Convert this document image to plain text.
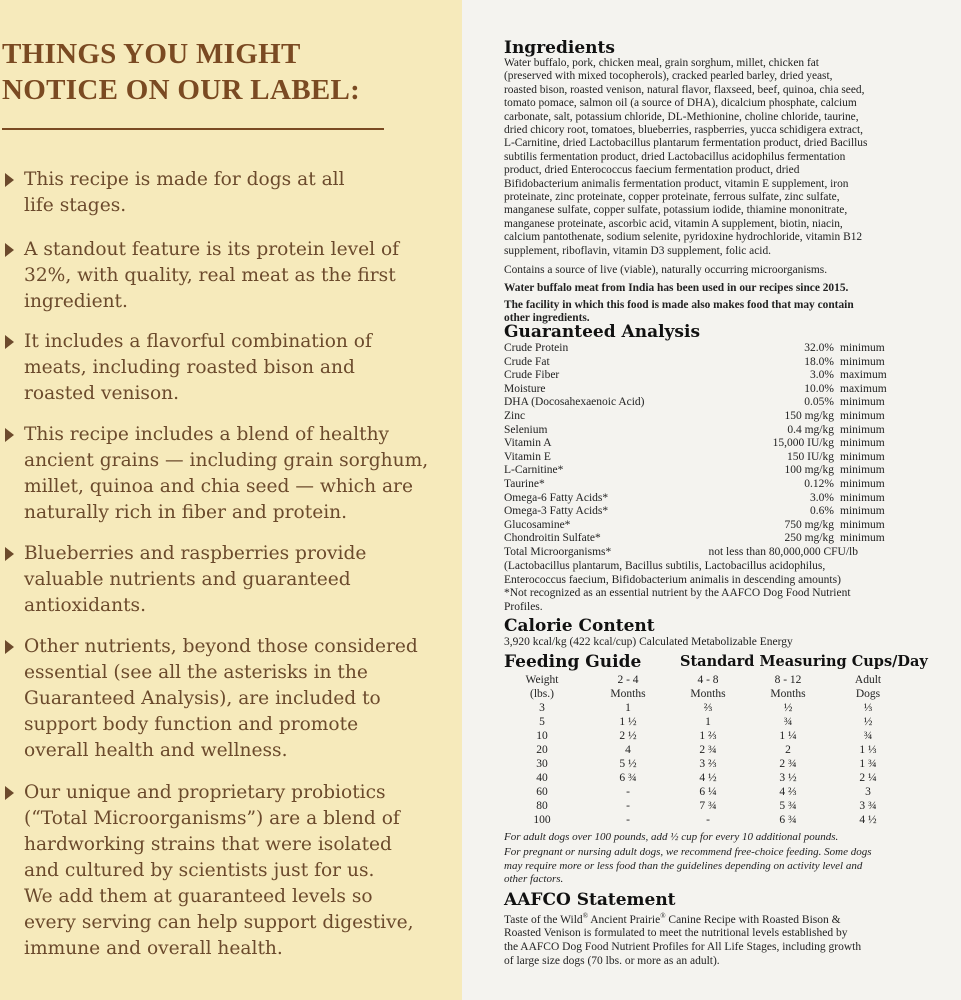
THINGS YOU MIGHT
NOTICE ON OUR LABEL:
This recipe is made for dogs at all
life stages.
A standout feature is its protein level of
32%, with quality, real meat as the first
ingredient.
It includes a flavorful combination of
meats, including roasted bison and
roasted venison.
This recipe includes a blend of healthy
ancient grains — including grain sorghum,
millet, quinoa and chia seed — which are
naturally rich in fiber and protein.
Blueberries and raspberries provide
valuable nutrients and guaranteed
antioxidants.
Other nutrients, beyond those considered
essential (see all the asterisks in the
Guaranteed Analysis), are included to
support body function and promote
overall health and wellness.
Our unique and proprietary probiotics
(“Total Microorganisms”) are a blend of
hardworking strains that were isolated
and cultured by scientists just for us.
We add them at guaranteed levels so
every serving can help support digestive,
immune and overall health.
Ingredients
Water buffalo, pork, chicken meal, grain sorghum, millet, chicken fat
(preserved with mixed tocopherols), cracked pearled barley, dried yeast,
roasted bison, roasted venison, natural flavor, flaxseed, beef, quinoa, chia seed,
tomato pomace, salmon oil (a source of DHA), dicalcium phosphate, calcium
carbonate, salt, potassium chloride, DL-Methionine, choline chloride, taurine,
dried chicory root, tomatoes, blueberries, raspberries, yucca schidigera extract,
L-Carnitine, dried Lactobacillus plantarum fermentation product, dried Bacillus
subtilis fermentation product, dried Lactobacillus acidophilus fermentation
product, dried Enterococcus faecium fermentation product, dried
Bifidobacterium animalis fermentation product, vitamin E supplement, iron
proteinate, zinc proteinate, copper proteinate, ferrous sulfate, zinc sulfate,
manganese sulfate, copper sulfate, potassium iodide, thiamine mononitrate,
manganese proteinate, ascorbic acid, vitamin A supplement, biotin, niacin,
calcium pantothenate, sodium selenite, pyridoxine hydrochloride, vitamin B12
supplement, riboflavin, vitamin D3 supplement, folic acid.
Contains a source of live (viable), naturally occurring microorganisms.
Water buffalo meat from India has been used in our recipes since 2015.
The facility in which this food is made also makes food that may contain
other ingredients.
Guaranteed Analysis
Crude Protein	32.0% minimum
Crude Fat	18.0% minimum
Crude Fiber	3.0% maximum
Moisture	10.0% maximum
DHA (Docosahexaenoic Acid)	0.05% minimum
Zinc	150 mg/kg minimum
Selenium	0.4 mg/kg minimum
Vitamin A	15,000 IU/kg minimum
Vitamin E	150 IU/kg minimum
L-Carnitine*	100 mg/kg minimum
Taurine*	0.12% minimum
Omega-6 Fatty Acids*	3.0% minimum
Omega-3 Fatty Acids*	0.6% minimum
Glucosamine*	750 mg/kg minimum
Chondroitin Sulfate*	250 mg/kg minimum
Total Microorganisms*	not less than 80,000,000 CFU/lb
(Lactobacillus plantarum, Bacillus subtilis, Lactobacillus acidophilus,
Enterococcus faecium, Bifidobacterium animalis in descending amounts)
*Not recognized as an essential nutrient by the AAFCO Dog Food Nutrient
Profiles.
Calorie Content
3,920 kcal/kg (422 kcal/cup) Calculated Metabolizable Energy
Feeding Guide	Standard Measuring Cups/Day
Weight	2 - 4	4 - 8	8 - 12	Adult
(lbs.)	Months	Months	Months	Dogs
3	1	⅔	½	⅓
5	1 ½	1	¾	½
10	2 ½	1 ⅔	1 ¼	¾
20	4	2 ¾	2	1 ⅓
30	5 ½	3 ⅔	2 ¾	1 ¾
40	6 ¾	4 ½	3 ½	2 ¼
60	-	6 ¼	4 ⅔	3
80	-	7 ¾	5 ¾	3 ¾
100	-	-	6 ¾	4 ½
For adult dogs over 100 pounds, add ½ cup for every 10 additional pounds.
For pregnant or nursing adult dogs, we recommend free-choice feeding. Some dogs
may require more or less food than the guidelines depending on activity level and
other factors.
AAFCO Statement
Taste of the Wild® Ancient Prairie® Canine Recipe with Roasted Bison &
Roasted Venison is formulated to meet the nutritional levels established by
the AAFCO Dog Food Nutrient Profiles for All Life Stages, including growth
of large size dogs (70 lbs. or more as an adult).
